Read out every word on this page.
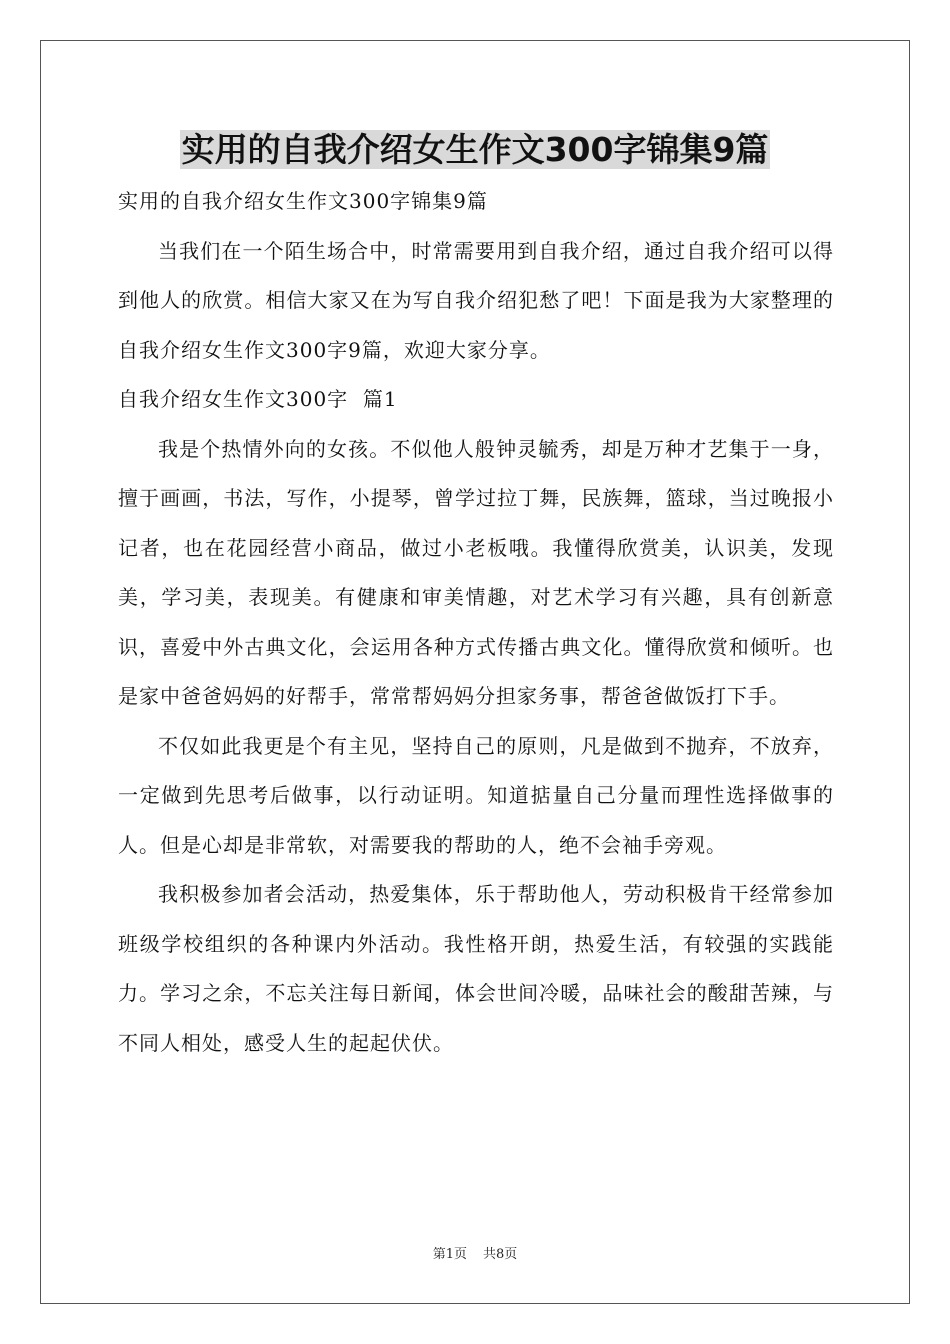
实用的自我介绍女生作文300字锦集9篇

实用的自我介绍女生作文300字锦集9篇

当我们在一个陌生场合中，时常需要用到自我介绍，通过自我介绍可以得到他人的欣赏。相信大家又在为写自我介绍犯愁了吧！下面是我为大家整理的自我介绍女生作文300字9篇，欢迎大家分享。

自我介绍女生作文300字  篇1

我是个热情外向的女孩。不似他人般钟灵毓秀，却是万种才艺集于一身，擅于画画，书法，写作，小提琴，曾学过拉丁舞，民族舞，篮球，当过晚报小记者，也在花园经营小商品，做过小老板哦。我懂得欣赏美，认识美，发现美，学习美，表现美。有健康和审美情趣，对艺术学习有兴趣，具有创新意识，喜爱中外古典文化，会运用各种方式传播古典文化。懂得欣赏和倾听。也是家中爸爸妈妈的好帮手，常常帮妈妈分担家务事，帮爸爸做饭打下手。

不仅如此我更是个有主见，坚持自己的原则，凡是做到不抛弃，不放弃，一定做到先思考后做事，以行动证明。知道掂量自己分量而理性选择做事的人。但是心却是非常软，对需要我的帮助的人，绝不会袖手旁观。

我积极参加者会活动，热爱集体，乐于帮助他人，劳动积极肯干经常参加班级学校组织的各种课内外活动。我性格开朗，热爱生活，有较强的实践能力。学习之余，不忘关注每日新闻，体会世间冷暖，品味社会的酸甜苦辣，与不同人相处，感受人生的起起伏伏。

第1页 共8页
